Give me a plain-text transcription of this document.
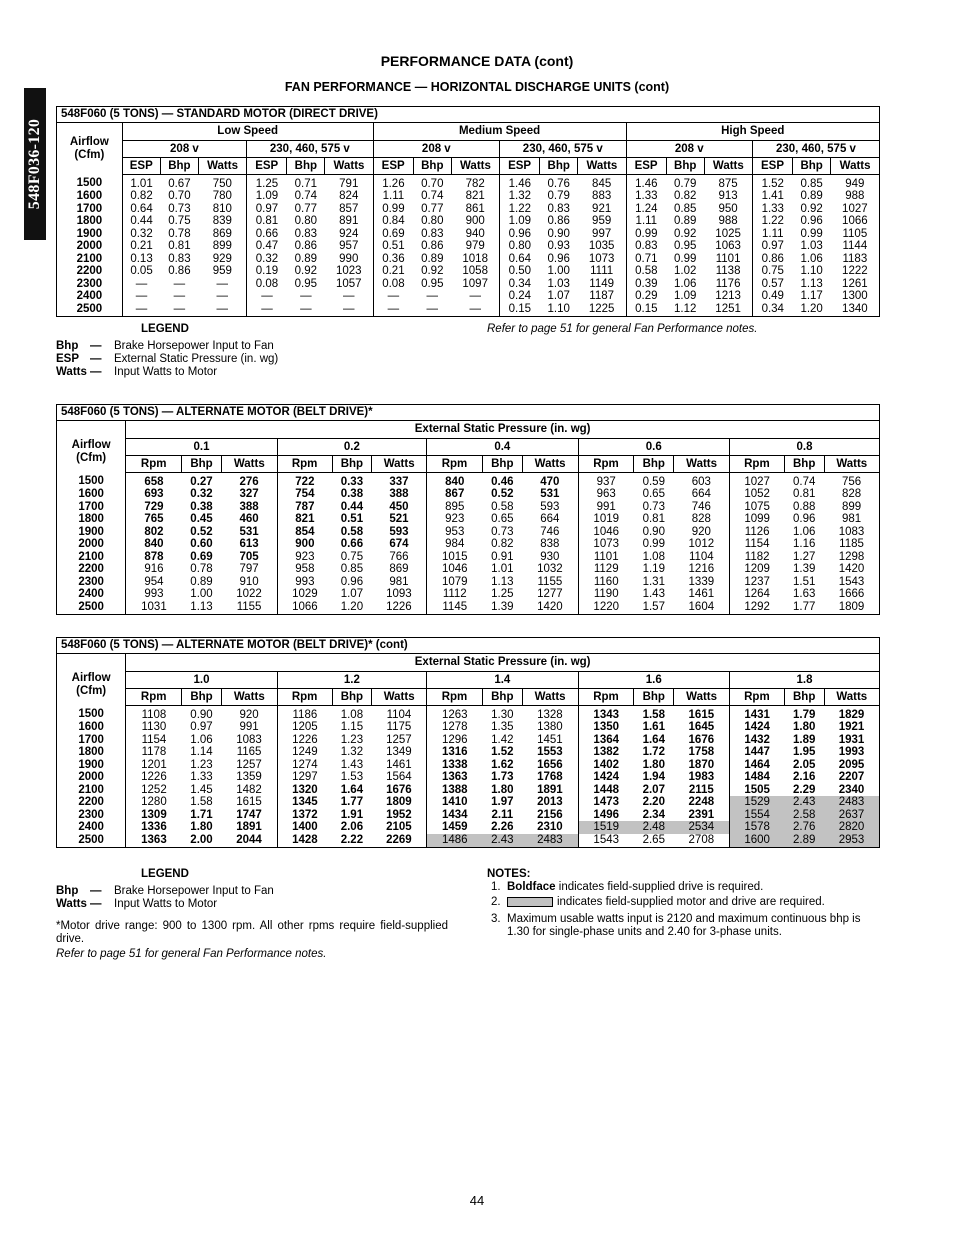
548F036-120
PERFORMANCE DATA (cont)
FAN PERFORMANCE — HORIZONTAL DISCHARGE UNITS (cont)
548F060 (5 TONS) — STANDARD MOTOR (DIRECT DRIVE)
Airflow
(Cfm)	Low Speed						Medium Speed						High Speed					
	208 v			230, 460, 575 v			208 v			230, 460, 575 v			208 v			230, 460, 575 v		
	ESP	Bhp	Watts	ESP	Bhp	Watts	ESP	Bhp	Watts	ESP	Bhp	Watts	ESP	Bhp	Watts	ESP	Bhp	Watts
1500	1.01	0.67	750	1.25	0.71	791	1.26	0.70	782	1.46	0.76	845	1.46	0.79	875	1.52	0.85	949
1600	0.82	0.70	780	1.09	0.74	824	1.11	0.74	821	1.32	0.79	883	1.33	0.82	913	1.41	0.89	988
1700	0.64	0.73	810	0.97	0.77	857	0.99	0.77	861	1.22	0.83	921	1.24	0.85	950	1.33	0.92	1027
1800	0.44	0.75	839	0.81	0.80	891	0.84	0.80	900	1.09	0.86	959	1.11	0.89	988	1.22	0.96	1066
1900	0.32	0.78	869	0.66	0.83	924	0.69	0.83	940	0.96	0.90	997	0.99	0.92	1025	1.11	0.99	1105
2000	0.21	0.81	899	0.47	0.86	957	0.51	0.86	979	0.80	0.93	1035	0.83	0.95	1063	0.97	1.03	1144
2100	0.13	0.83	929	0.32	0.89	990	0.36	0.89	1018	0.64	0.96	1073	0.71	0.99	1101	0.86	1.06	1183
2200	0.05	0.86	959	0.19	0.92	1023	0.21	0.92	1058	0.50	1.00	1111	0.58	1.02	1138	0.75	1.10	1222
2300	—	—	—	0.08	0.95	1057	0.08	0.95	1097	0.34	1.03	1149	0.39	1.06	1176	0.57	1.13	1261
2400	—	—	—	—	—	—	—	—	—	0.24	1.07	1187	0.29	1.09	1213	0.49	1.17	1300
2500	—	—	—	—	—	—	—	—	—	0.15	1.10	1225	0.15	1.12	1251	0.34	1.20	1340
LEGEND	Refer to page 51 for general Fan Performance notes.
Bhp	—	Brake Horsepower Input to Fan
ESP —	External Static Pressure (in. wg)
Watts —	Input Watts to Motor
548F060 (5 TONS) — ALTERNATE MOTOR (BELT DRIVE)*
Airflow
(Cfm)	External Static Pressure (in. wg)														
	0.1			0.2			0.4			0.6			0.8		
	Rpm	Bhp	Watts	Rpm	Bhp	Watts	Rpm	Bhp	Watts	Rpm	Bhp	Watts	Rpm	Bhp	Watts
1500	658	0.27	276	722	0.33	337	840	0.46	470	937	0.59	603	1027	0.74	756
1600	693	0.32	327	754	0.38	388	867	0.52	531	963	0.65	664	1052	0.81	828
1700	729	0.38	388	787	0.44	450	895	0.58	593	991	0.73	746	1075	0.88	899
1800	765	0.45	460	821	0.51	521	923	0.65	664	1019	0.81	828	1099	0.96	981
1900	802	0.52	531	854	0.58	593	953	0.73	746	1046	0.90	920	1126	1.06	1083
2000	840	0.60	613	900	0.66	674	984	0.82	838	1073	0.99	1012	1154	1.16	1185
2100	878	0.69	705	923	0.75	766	1015	0.91	930	1101	1.08	1104	1182	1.27	1298
2200	916	0.78	797	958	0.85	869	1046	1.01	1032	1129	1.19	1216	1209	1.39	1420
2300	954	0.89	910	993	0.96	981	1079	1.13	1155	1160	1.31	1339	1237	1.51	1543
2400	993	1.00	1022	1029	1.07	1093	1112	1.25	1277	1190	1.43	1461	1264	1.63	1666
2500	1031	1.13	1155	1066	1.20	1226	1145	1.39	1420	1220	1.57	1604	1292	1.77	1809
548F060 (5 TONS) — ALTERNATE MOTOR (BELT DRIVE)* (cont)
Airflow
(Cfm)	External Static Pressure (in. wg)														
	1.0			1.2			1.4			1.6			1.8		
	Rpm	Bhp	Watts	Rpm	Bhp	Watts	Rpm	Bhp	Watts	Rpm	Bhp	Watts	Rpm	Bhp	Watts
1500	1108	0.90	920	1186	1.08	1104	1263	1.30	1328	1343	1.58	1615	1431	1.79	1829
1600	1130	0.97	991	1205	1.15	1175	1278	1.35	1380	1350	1.61	1645	1424	1.80	1921
1700	1154	1.06	1083	1226	1.23	1257	1296	1.42	1451	1364	1.64	1676	1432	1.89	1931
1800	1178	1.14	1165	1249	1.32	1349	1316	1.52	1553	1382	1.72	1758	1447	1.95	1993
1900	1201	1.23	1257	1274	1.43	1461	1338	1.62	1656	1402	1.80	1870	1464	2.05	2095
2000	1226	1.33	1359	1297	1.53	1564	1363	1.73	1768	1424	1.94	1983	1484	2.16	2207
2100	1252	1.45	1482	1320	1.64	1676	1388	1.80	1891	1448	2.07	2115	1505	2.29	2340
2200	1280	1.58	1615	1345	1.77	1809	1410	1.97	2013	1473	2.20	2248	1529	2.43	2483
2300	1309	1.71	1747	1372	1.91	1952	1434	2.11	2156	1496	2.34	2391	1554	2.58	2637
2400	1336	1.80	1891	1400	2.06	2105	1459	2.26	2310	1519	2.48	2534	1578	2.76	2820
2500	1363	2.00	2044	1428	2.22	2269	1486	2.43	2483	1543	2.65	2708	1600	2.89	2953
LEGEND
Bhp	—	Brake Horsepower Input to Fan
Watts —	Input Watts to Motor
*Motor drive range: 900 to 1300 rpm. All other rpms require field-supplied drive.
Refer to page 51 for general Fan Performance notes.
NOTES:
1.  Boldface indicates field-supplied drive is required.
2.	indicates field-supplied motor and drive are required.
3. Maximum usable watts input is 2120 and maximum continuous bhp is 1.30 for single-phase units and 2.40 for 3-phase units.
44
